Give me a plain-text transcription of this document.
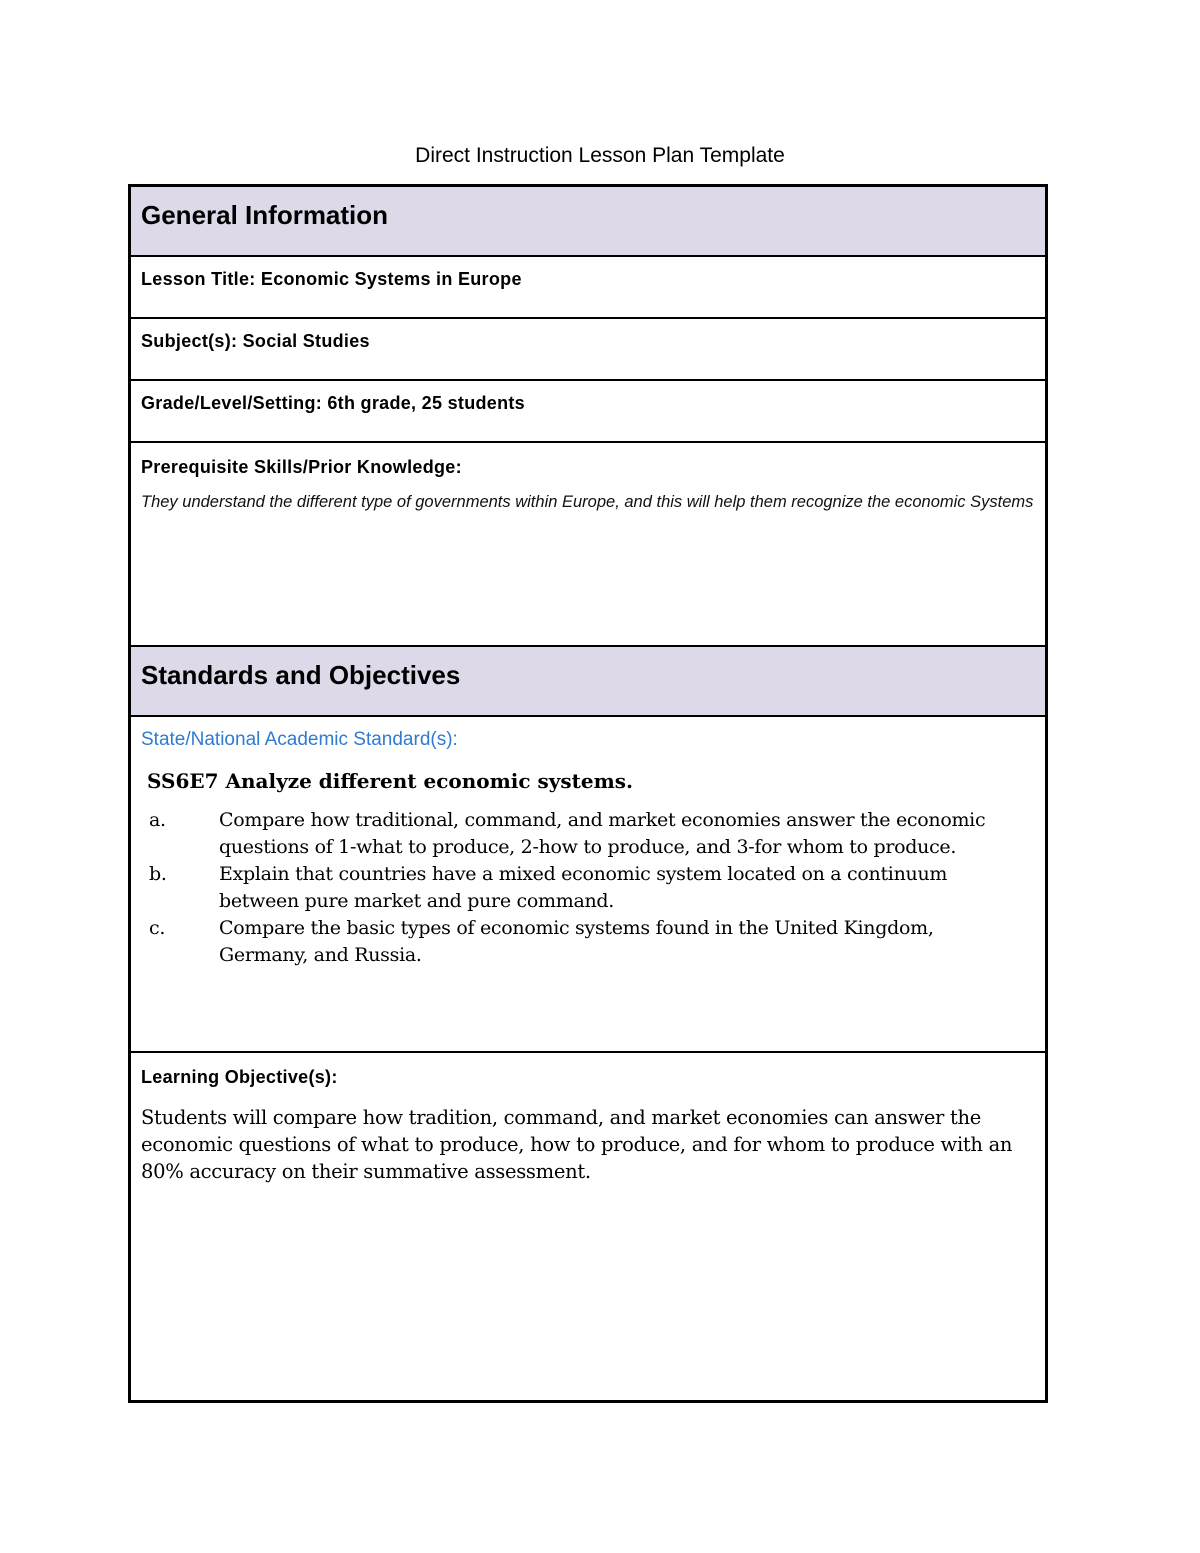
Direct Instruction Lesson Plan Template
General Information
Lesson Title: Economic Systems in Europe
Subject(s): Social Studies
Grade/Level/Setting: 6th grade, 25 students
Prerequisite Skills/Prior Knowledge:
They understand the different type of governments within Europe, and this will help them recognize the economic Systems
Standards and Objectives
State/National Academic Standard(s):
SS6E7 Analyze different economic systems.
a.	Compare how traditional, command, and market economies answer the economic questions of 1-what to produce, 2-how to produce, and 3-for whom to produce.
b.	Explain that countries have a mixed economic system located on a continuum between pure market and pure command.
c.	Compare the basic types of economic systems found in the United Kingdom, Germany, and Russia.
Learning Objective(s):
Students will compare how tradition, command, and market economies can answer the economic questions of what to produce, how to produce, and for whom to produce with an 80% accuracy on their summative assessment.
